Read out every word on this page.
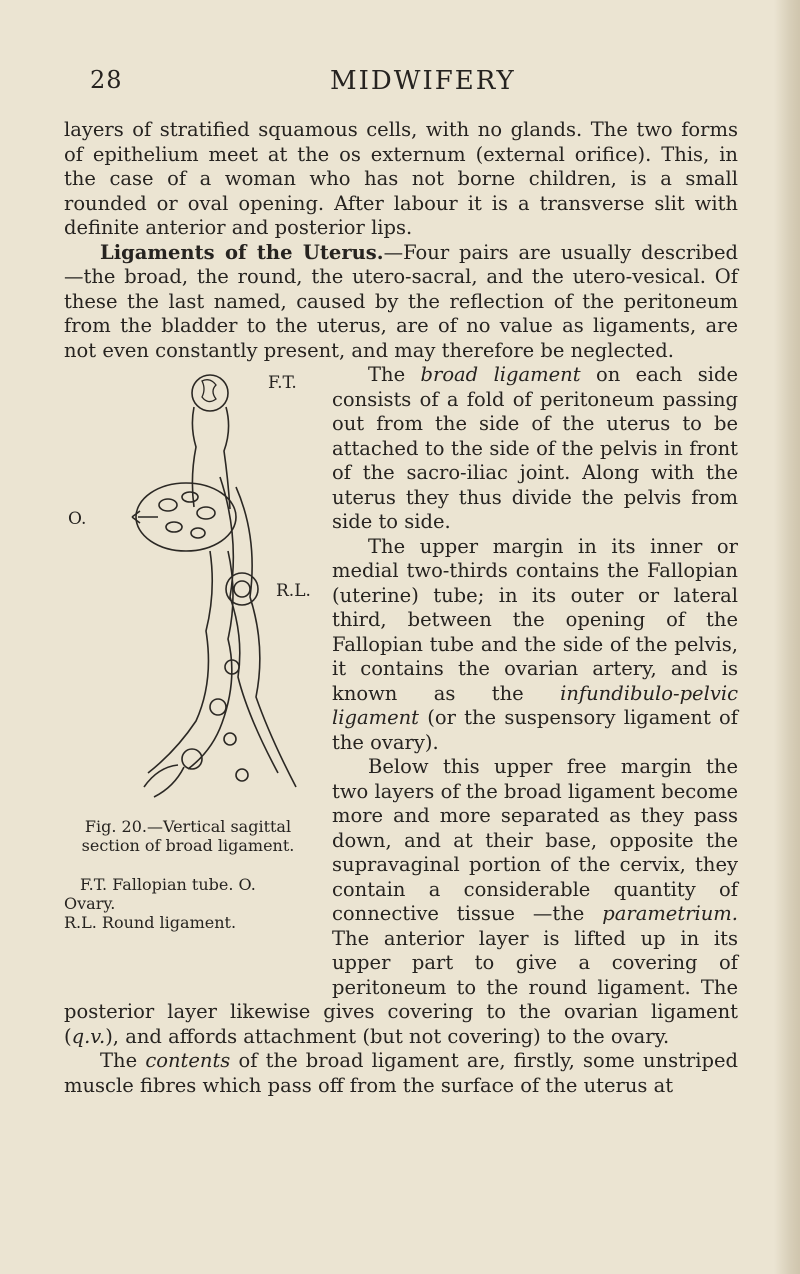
28	MIDWIFERY

layers of stratified squamous cells, with no glands. The two forms of epithelium meet at the os externum (external orifice). This, in the case of a woman who has not borne children, is a small rounded or oval opening. After labour it is a transverse slit with definite anterior and posterior lips.

Ligaments of the Uterus.—Four pairs are usually described —the broad, the round, the utero-sacral, and the utero-vesical. Of these the last named, caused by the reflection of the peritoneum from the bladder to the uterus, are of no value as ligaments, are not even constantly present, and may therefore be neglected.

F.T.
O.
R.L.
Fig. 20.—Vertical sagittal section of broad ligament.
F.T. Fallopian tube. O. Ovary.
R.L. Round ligament.

The broad ligament on each side consists of a fold of peritoneum passing out from the side of the uterus to be attached to the side of the pelvis in front of the sacro-iliac joint. Along with the uterus they thus divide the pelvis from side to side.

The upper margin in its inner or medial two-thirds contains the Fallopian (uterine) tube; in its outer or lateral third, between the opening of the Fallopian tube and the side of the pelvis, it contains the ovarian artery, and is known as the infundibulo-pelvic ligament (or the suspensory ligament of the ovary).

Below this upper free margin the two layers of the broad ligament become more and more separated as they pass down, and at their base, opposite the supravaginal portion of the cervix, they contain a considerable quantity of connective tissue —the parametrium. The anterior layer is lifted up in its upper part to give a covering of peritoneum to the round ligament. The posterior layer likewise gives covering to the ovarian ligament (q.v.), and affords attachment (but not covering) to the ovary.

The contents of the broad ligament are, firstly, some unstriped muscle fibres which pass off from the surface of the uterus at
